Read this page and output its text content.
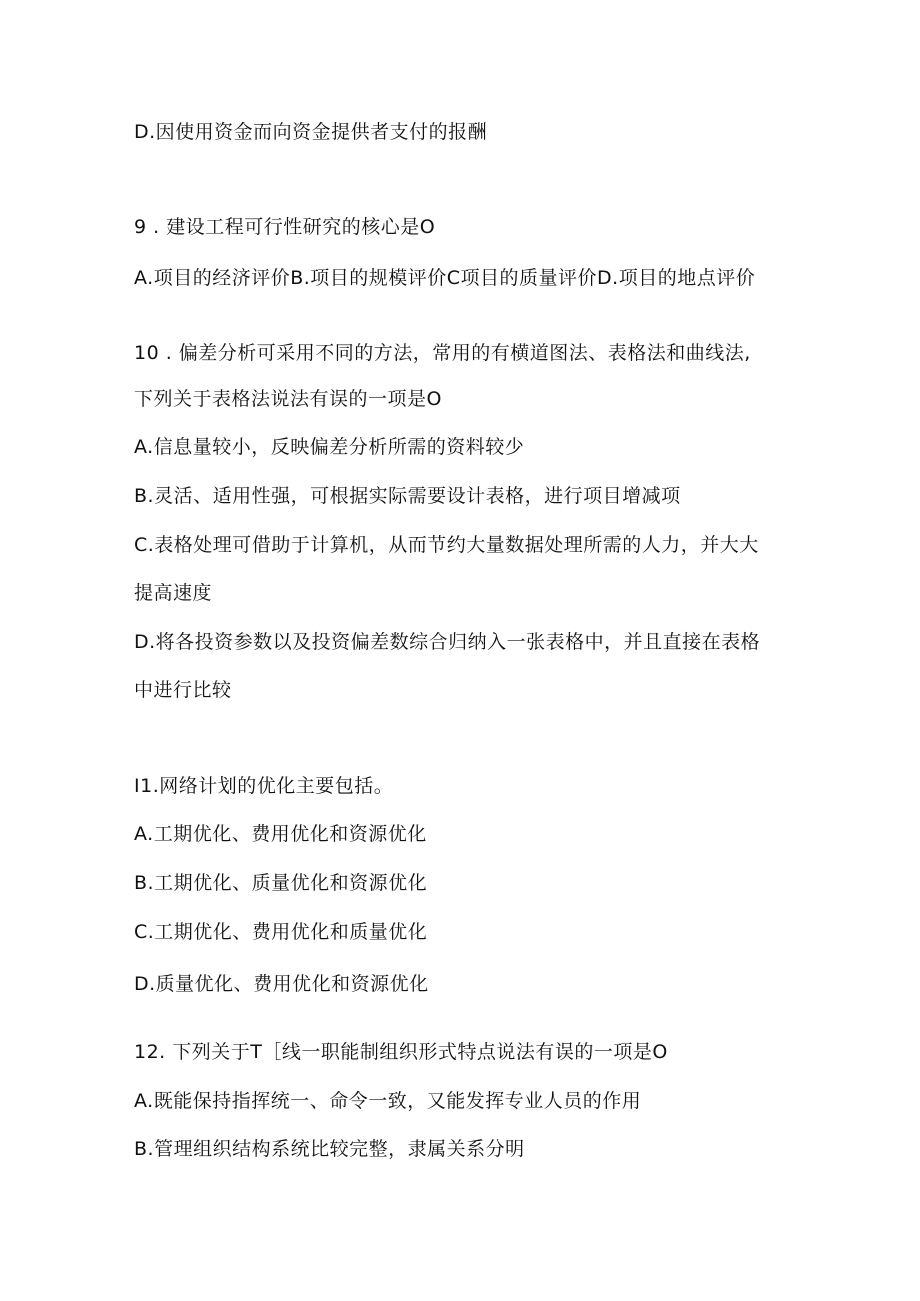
D.因使用资金而向资金提供者支付的报酬
9 . 建设工程可行性研究的核心是O
A.项目的经济评价B.项目的规模评价C项目的质量评价D.项目的地点评价
10 . 偏差分析可采用不同的方法，常用的有横道图法、表格法和曲线法,
下列关于表格法说法有误的一项是O
A.信息量较小，反映偏差分析所需的资料较少
B.灵活、适用性强，可根据实际需要设计表格，进行项目增减项
C.表格处理可借助于计算机，从而节约大量数据处理所需的人力，并大大
提高速度
D.将各投资参数以及投资偏差数综合归纳入一张表格中，并且直接在表格
中进行比较
I1.网络计划的优化主要包括。
A.工期优化、费用优化和资源优化
B.工期优化、质量优化和资源优化
C.工期优化、费用优化和质量优化
D.质量优化、费用优化和资源优化
12. 下列关于T［线一职能制组织形式特点说法有误的一项是O
A.既能保持指挥统一、命令一致，又能发挥专业人员的作用
B.管理组织结构系统比较完整，隶属关系分明
